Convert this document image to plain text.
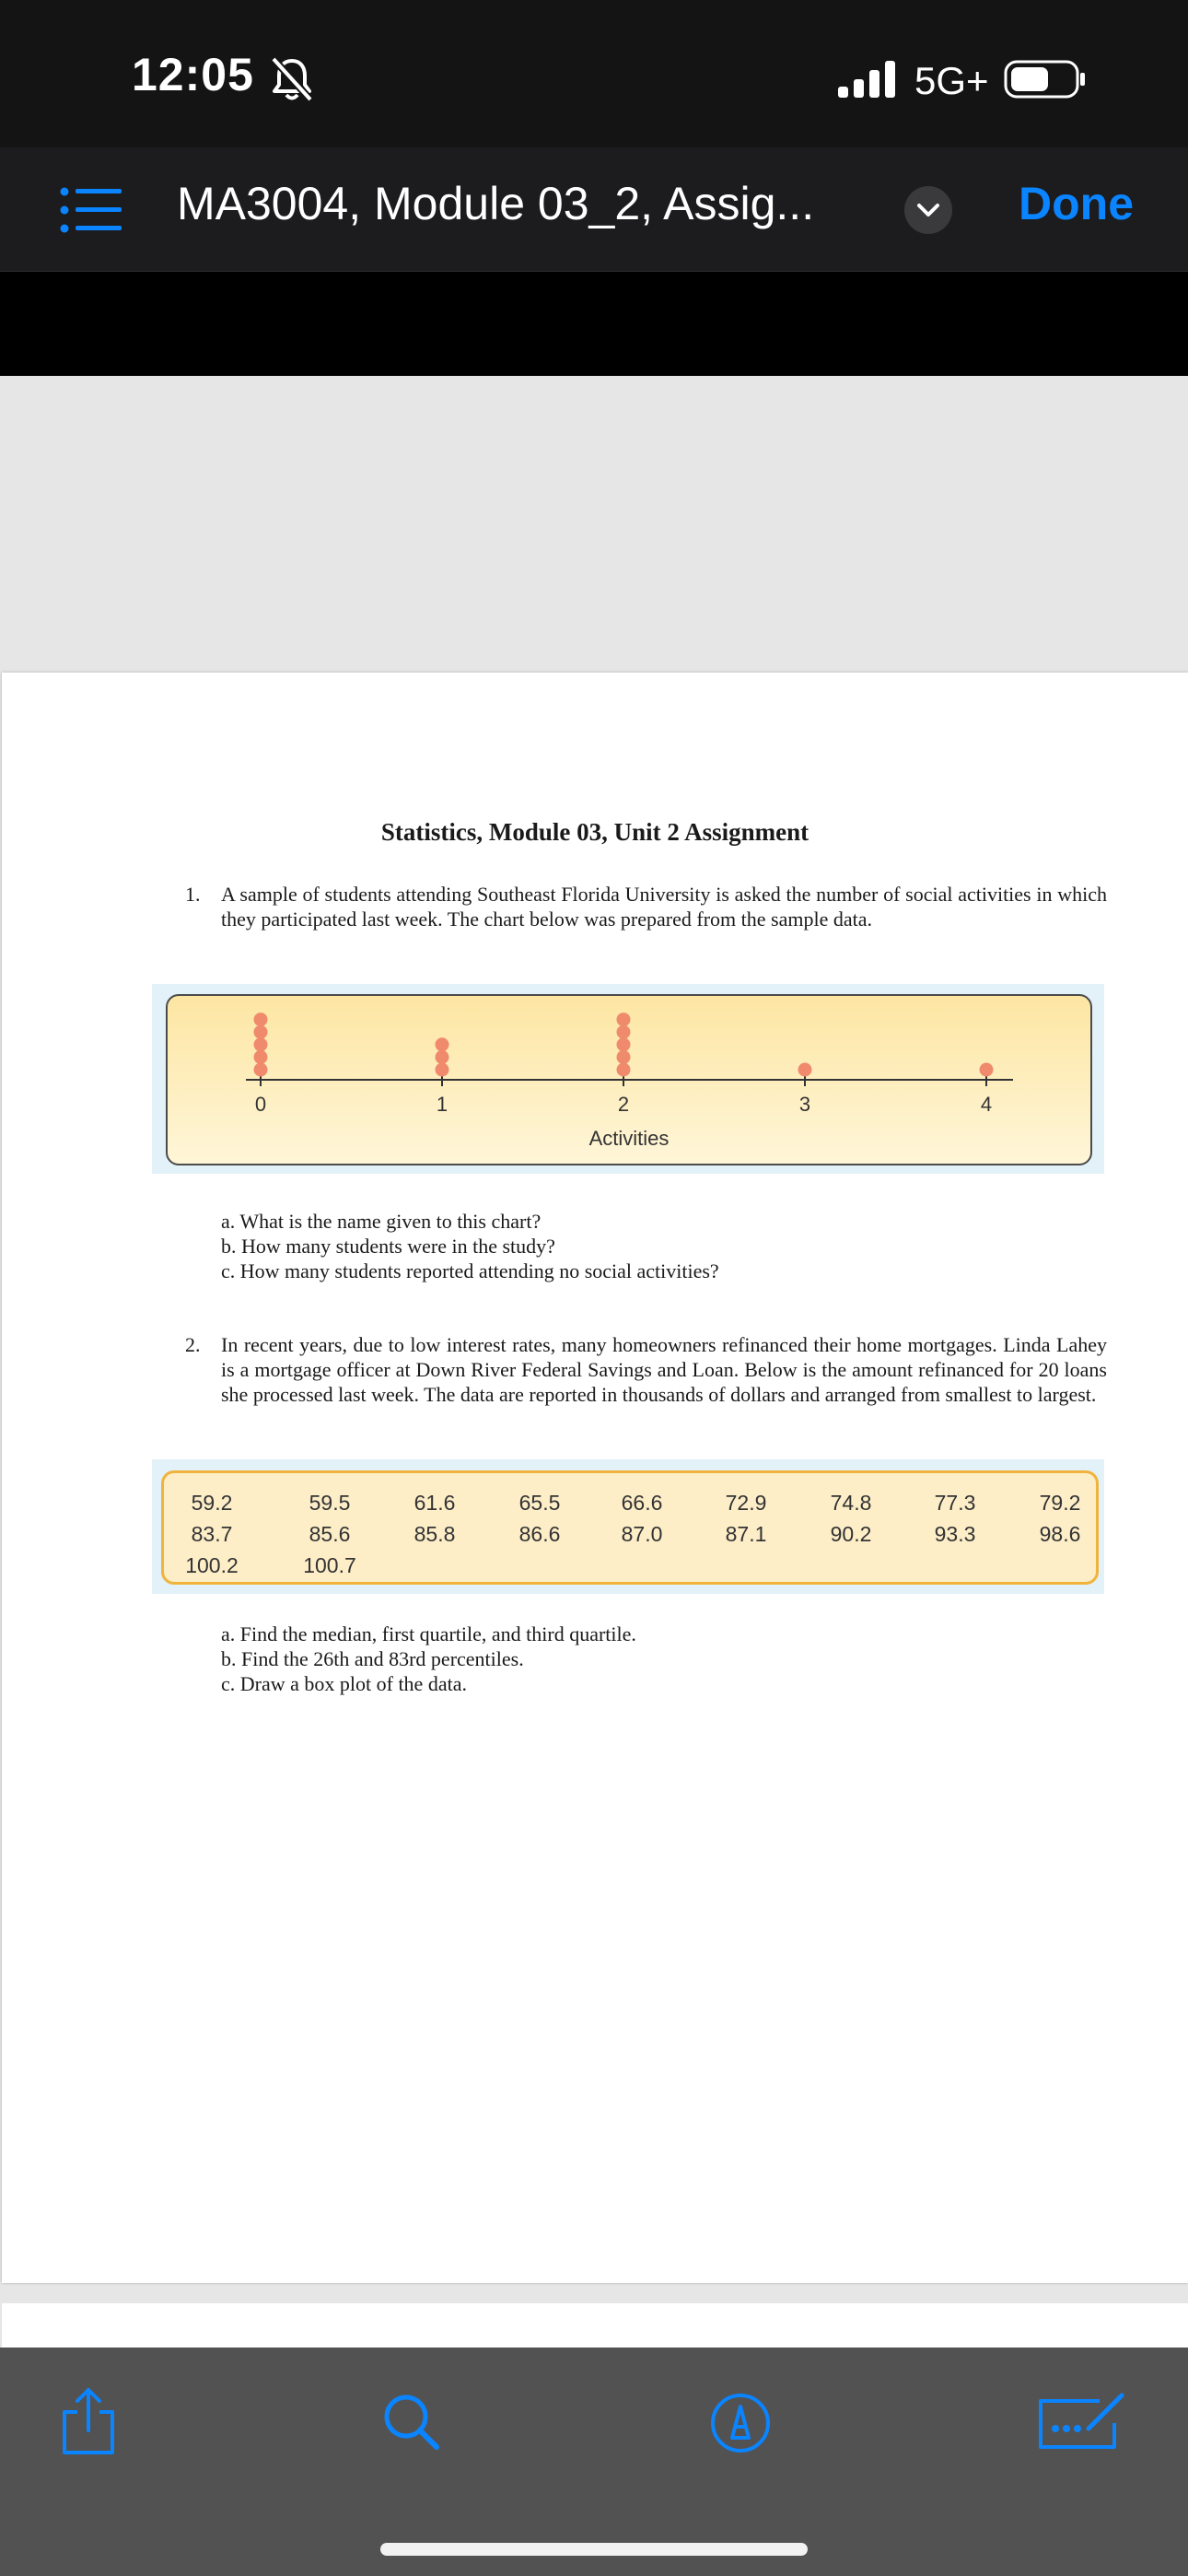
12:05	5G+
MA3004, Module 03_2, Assig...	Done
Statistics, Module 03, Unit 2 Assignment
1. A sample of students attending Southeast Florida University is asked the number of social activities in which they participated last week. The chart below was prepared from the sample data.
Activities
0	1	2	3	4
a. What is the name given to this chart?
b. How many students were in the study?
c. How many students reported attending no social activities?
2. In recent years, due to low interest rates, many homeowners refinanced their home mortgages. Linda Lahey is a mortgage officer at Down River Federal Savings and Loan. Below is the amount refinanced for 20 loans she processed last week. The data are reported in thousands of dollars and arranged from smallest to largest.
59.2	59.5	61.6	65.5	66.6	72.9	74.8	77.3	79.2
83.7	85.6	85.8	86.6	87.0	87.1	90.2	93.3	98.6
100.2	100.7
a. Find the median, first quartile, and third quartile.
b. Find the 26th and 83rd percentiles.
c. Draw a box plot of the data.
